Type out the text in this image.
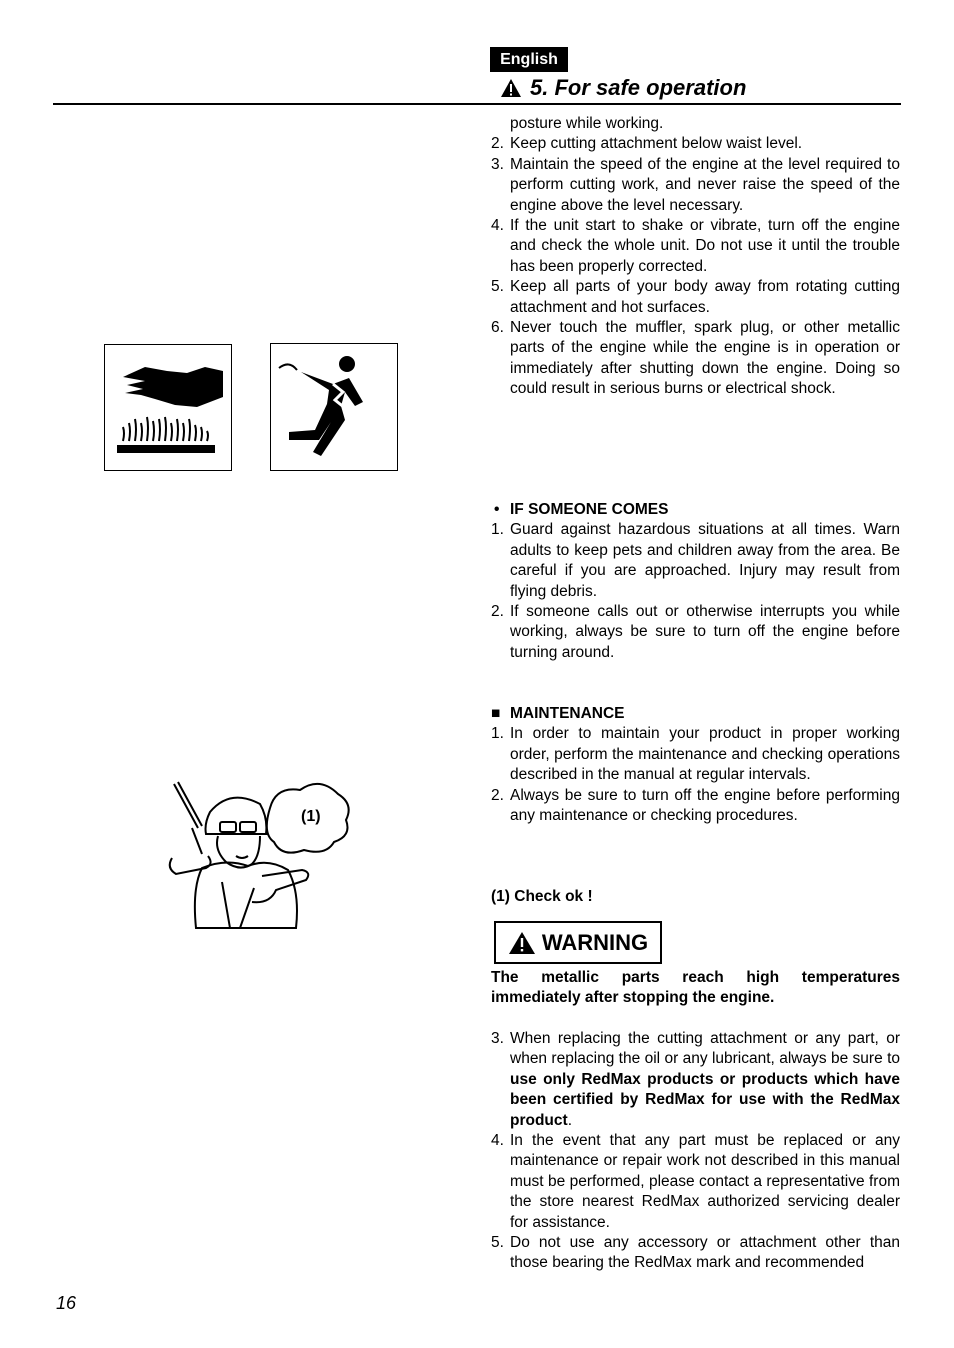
English
5. For safe operation
posture while working.
2. Keep cutting attachment below waist level.
3. Maintain the speed of the engine at the level required to perform cutting work, and never raise the speed of the engine above the level necessary.
4. If the unit start to shake or vibrate, turn off the engine and check the whole unit. Do not use it until the trouble has been properly corrected.
5. Keep all parts of your body away from rotating cutting attachment and hot surfaces.
6. Never touch the muffler, spark plug, or other metallic parts of the engine while the engine is in operation or immediately after shutting down the engine. Doing so could result in serious burns or electrical shock.
• IF SOMEONE COMES
1. Guard against hazardous situations at all times. Warn adults to keep pets and children away from the area. Be careful if you are approached. Injury may result from flying debris.
2. If someone calls out or otherwise interrupts you while working, always be sure to turn off the engine before turning around.
■ MAINTENANCE
1. In order to maintain your product in proper working order, perform the maintenance and checking operations described in the manual at regular intervals.
2. Always be sure to turn off the engine before performing any maintenance or checking procedures.
(1) Check ok !
(1)
WARNING
The metallic parts reach high temperatures immediately after stopping the engine.
3. When replacing the cutting attachment or any part, or when replacing the oil or any lubricant, always be sure to use only RedMax products or products which have been certified by RedMax for use with the RedMax product.
4. In the event that any part must be replaced or any maintenance or repair work not described in this manual must be performed, please contact a representative from the store nearest RedMax authorized servicing dealer for assistance.
5. Do not use any accessory or attachment other than those bearing the RedMax mark and recommended
16
